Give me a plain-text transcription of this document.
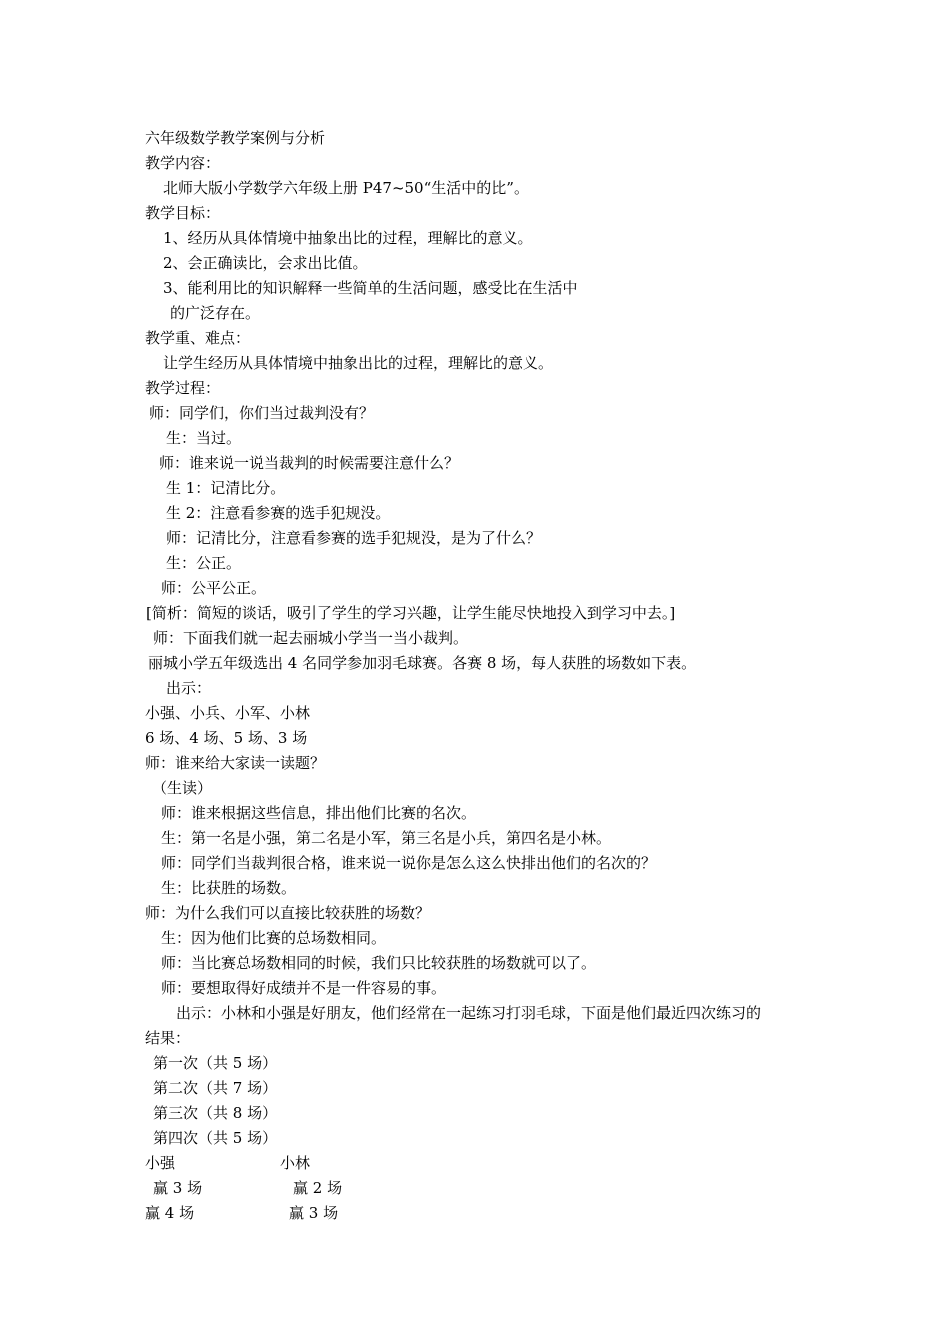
六年级数学教学案例与分析
教学内容：
北师大版小学数学六年级上册 P47~50“生活中的比”。
教学目标：
1、经历从具体情境中抽象出比的过程，理解比的意义。
2、会正确读比，会求出比值。
3、能利用比的知识解释一些简单的生活问题，感受比在生活中
的广泛存在。
教学重、难点：
让学生经历从具体情境中抽象出比的过程，理解比的意义。
教学过程：
师：同学们，你们当过裁判没有？
生：当过。
师：谁来说一说当裁判的时候需要注意什么？
生 1：记清比分。
生 2：注意看参赛的选手犯规没。
师：记清比分，注意看参赛的选手犯规没，是为了什么？
生：公正。
师：公平公正。
[简析：简短的谈话，吸引了学生的学习兴趣，让学生能尽快地投入到学习中去。]
师：下面我们就一起去丽城小学当一当小裁判。
丽城小学五年级选出 4 名同学参加羽毛球赛。各赛 8 场，每人获胜的场数如下表。
出示：
小强、小兵、小军、小林
6 场、4 场、5 场、3 场
师：谁来给大家读一读题？
（生读）
师：谁来根据这些信息，排出他们比赛的名次。
生：第一名是小强，第二名是小军，第三名是小兵，第四名是小林。
师：同学们当裁判很合格，谁来说一说你是怎么这么快排出他们的名次的？
生：比获胜的场数。
师：为什么我们可以直接比较获胜的场数？
生：因为他们比赛的总场数相同。
师：当比赛总场数相同的时候，我们只比较获胜的场数就可以了。
师：要想取得好成绩并不是一件容易的事。
出示：小林和小强是好朋友，他们经常在一起练习打羽毛球，下面是他们最近四次练习的
结果：
第一次（共 5 场）
第二次（共 7 场）
第三次（共 8 场）
第四次（共 5 场）
小强	小林
赢 3 场	赢 2 场
赢 4 场	赢 3 场
